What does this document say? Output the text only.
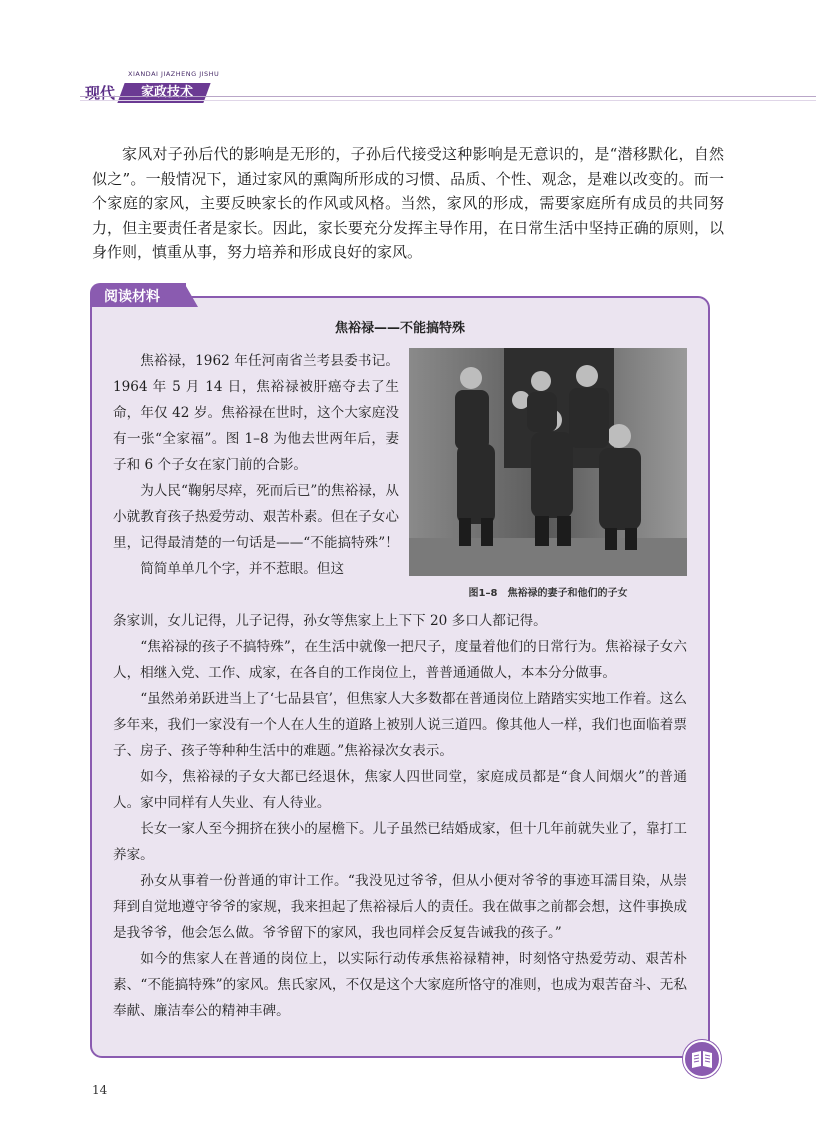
XIANDAI JIAZHENG JISHU
现代	家政技术

家风对子孙后代的影响是无形的，子孙后代接受这种影响是无意识的，是“潜移默化，自然似之”。一般情况下，通过家风的熏陶所形成的习惯、品质、个性、观念，是难以改变的。而一个家庭的家风，主要反映家长的作风或风格。当然，家风的形成，需要家庭所有成员的共同努力，但主要责任者是家长。因此，家长要充分发挥主导作用，在日常生活中坚持正确的原则，以身作则，慎重从事，努力培养和形成良好的家风。

阅读材料
焦裕禄——不能搞特殊
图1–8　焦裕禄的妻子和他们的子女

焦裕禄，1962 年任河南省兰考县委书记。1964 年 5 月 14 日，焦裕禄被肝癌夺去了生命，年仅 42 岁。焦裕禄在世时，这个大家庭没有一张“全家福”。图 1–8 为他去世两年后，妻子和 6 个子女在家门前的合影。

为人民“鞠躬尽瘁，死而后已”的焦裕禄，从小就教育孩子热爱劳动、艰苦朴素。但在子女心里，记得最清楚的一句话是——“不能搞特殊”！

简简单单几个字，并不惹眼。但这

条家训，女儿记得，儿子记得，孙女等焦家上上下下 20 多口人都记得。

“焦裕禄的孩子不搞特殊”，在生活中就像一把尺子，度量着他们的日常行为。焦裕禄子女六人，相继入党、工作、成家，在各自的工作岗位上，普普通通做人，本本分分做事。

“虽然弟弟跃进当上了‘七品县官’，但焦家人大多数都在普通岗位上踏踏实实地工作着。这么多年来，我们一家没有一个人在人生的道路上被别人说三道四。像其他人一样，我们也面临着票子、房子、孩子等种种生活中的难题。”焦裕禄次女表示。

如今，焦裕禄的子女大都已经退休，焦家人四世同堂，家庭成员都是“食人间烟火”的普通人。家中同样有人失业、有人待业。

长女一家人至今拥挤在狭小的屋檐下。儿子虽然已结婚成家，但十几年前就失业了，靠打工养家。

孙女从事着一份普通的审计工作。“我没见过爷爷，但从小便对爷爷的事迹耳濡目染，从崇拜到自觉地遵守爷爷的家规，我来担起了焦裕禄后人的责任。我在做事之前都会想，这件事换成是我爷爷，他会怎么做。爷爷留下的家风，我也同样会反复告诫我的孩子。”

如今的焦家人在普通的岗位上，以实际行动传承焦裕禄精神，时刻恪守热爱劳动、艰苦朴素、“不能搞特殊”的家风。焦氏家风，不仅是这个大家庭所恪守的准则，也成为艰苦奋斗、无私奉献、廉洁奉公的精神丰碑。

14
